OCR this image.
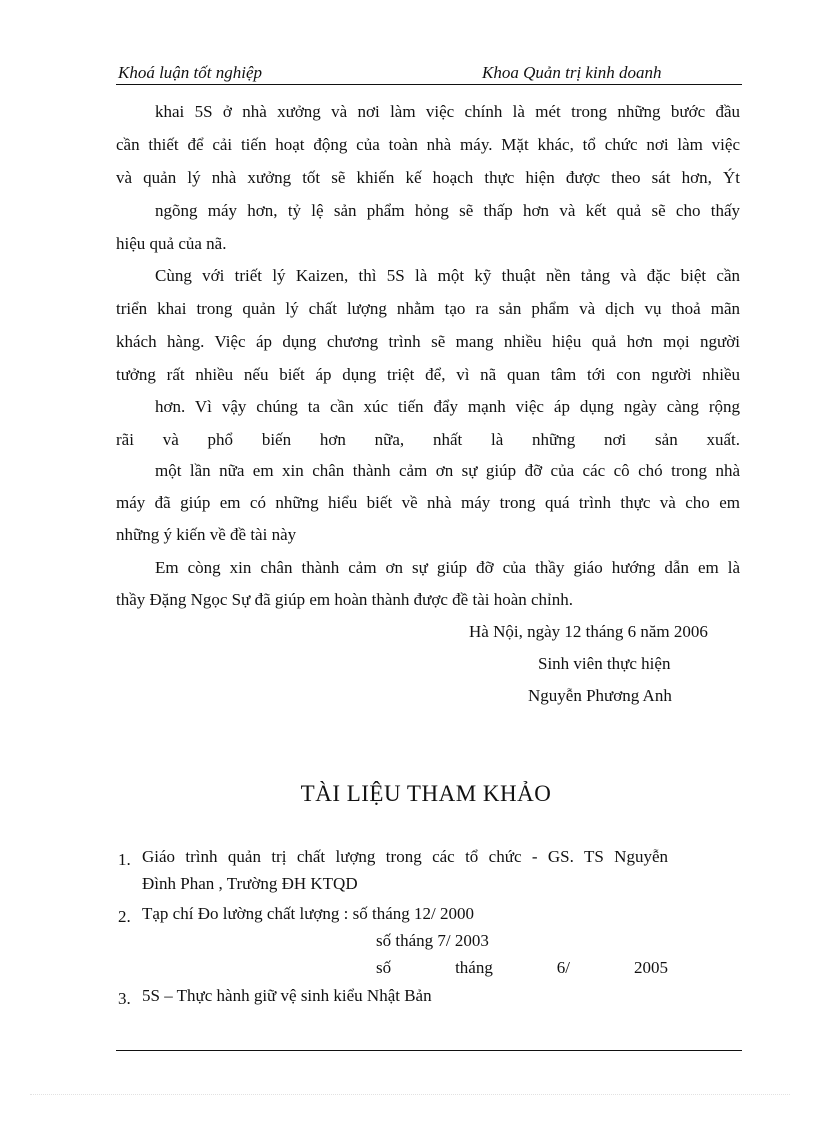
Khoá luận tốt nghiệp	Khoa Quản trị kinh doanh
khai 5S ở nhà xưởng và nơi làm việc chính là mét trong những bước đầu
cần thiết để cải tiến hoạt động của toàn nhà máy. Mặt khác, tổ chức nơi làm việc
và quản lý nhà xưởng tốt sẽ khiến kế hoạch thực hiện được theo sát hơn, Ýt
ngõng máy hơn, tỷ lệ sản phẩm hỏng sẽ thấp hơn và kết quả sẽ cho thấy
hiệu quả của nã.
Cùng với triết lý Kaizen, thì 5S là một kỹ thuật nền tảng và đặc biệt cần
triển khai trong quản lý chất lượng nhằm tạo ra sản phẩm và dịch vụ thoả mãn
khách hàng. Việc áp dụng chương trình sẽ mang nhiều hiệu quả hơn mọi người
tưởng rất nhiều nếu biết áp dụng triệt để, vì nã quan tâm tới con người nhiều
hơn. Vì vậy chúng ta cần xúc tiến đẩy mạnh việc áp dụng ngày càng rộng
rãi và phổ biến hơn nữa, nhất là những nơi sản xuất.
một lần nữa em xin chân thành cảm ơn sự giúp đỡ của các cô chó trong nhà
máy đã giúp em có những hiểu biết về nhà máy trong quá trình thực và cho em
những ý kiến về đề tài này
Em còng xin chân thành cảm ơn sự giúp đỡ của thầy giáo hướng dẫn em là
thầy Đặng Ngọc Sự đã giúp em hoàn thành được đề tài hoàn chỉnh.
Hà Nội, ngày 12 tháng 6 năm 2006
Sinh viên thực hiện
Nguyễn Phương Anh
TÀI LIỆU THAM KHẢO
1. Giáo trình quản trị chất lượng trong các tổ chức - GS. TS Nguyễn
Đình Phan , Trường ĐH KTQD
2. Tạp chí Đo lường chất lượng : số tháng 12/ 2000
số tháng 7/ 2003
số tháng 6/ 2005
3. 5S – Thực hành giữ vệ sinh kiểu Nhật Bản
